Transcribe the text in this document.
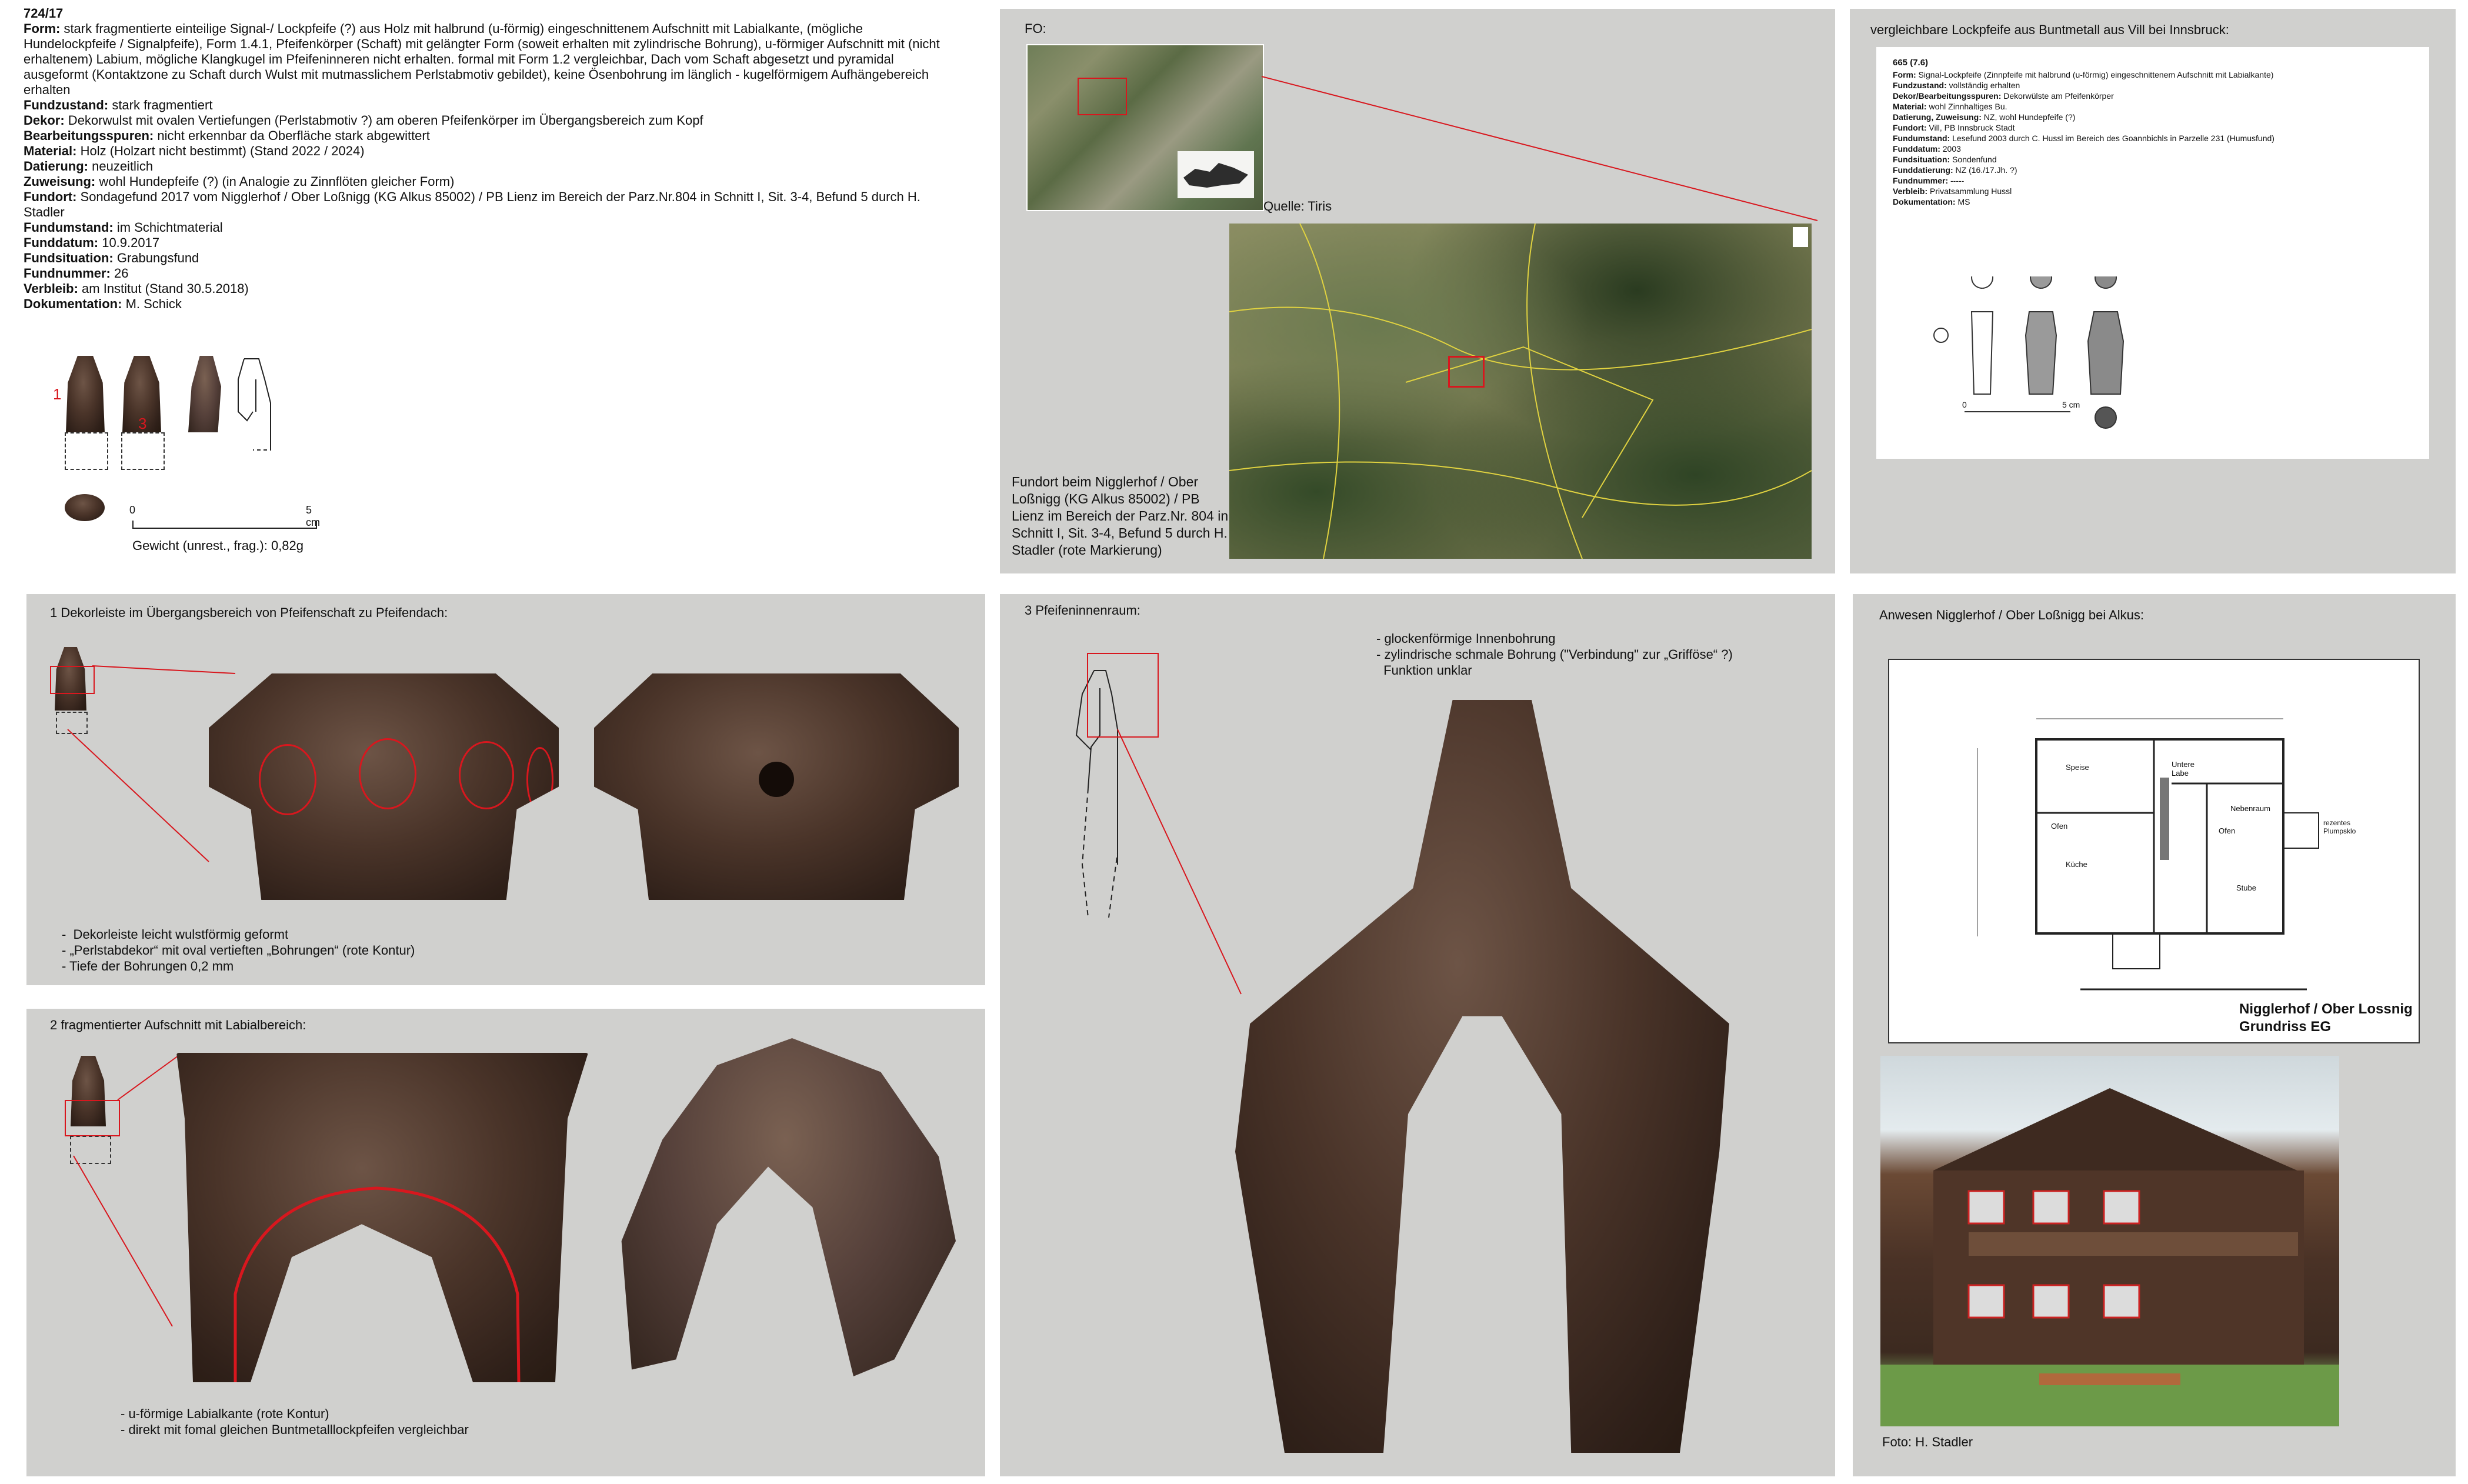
724/17
Form: stark fragmentierte einteilige Signal-/ Lockpfeife (?) aus Holz mit halbrund (u-förmig) eingeschnittenem Aufschnitt mit Labialkante, (mögliche Hundelockpfeife / Signalpfeife), Form 1.4.1, Pfeifenkörper (Schaft) mit gelängter Form (soweit erhalten mit zylindrische Bohrung), u-förmiger Aufschnitt mit (nicht erhaltenem) Labium, mögliche Klangkugel im Pfeifeninneren nicht erhalten. formal mit Form 1.2 vergleichbar, Dach vom Schaft abgesetzt und pyramidal ausgeformt (Kontaktzone zu Schaft durch Wulst mit mutmasslichem Perlstabmotiv gebildet), keine Ösenbohrung im länglich - kugelförmigem Aufhängebereich erhalten
Fundzustand: stark fragmentiert
Dekor: Dekorwulst mit ovalen Vertiefungen (Perlstabmotiv ?) am oberen Pfeifenkörper im Übergangsbereich zum Kopf
Bearbeitungsspuren: nicht erkennbar da Oberfläche stark abgewittert
Material: Holz (Holzart nicht bestimmt) (Stand 2022 / 2024)
Datierung: neuzeitlich
Zuweisung: wohl Hundepfeife (?) (in Analogie zu Zinnflöten gleicher Form)
Fundort: Sondagefund 2017 vom Nigglerhof / Ober Loßnigg (KG Alkus 85002) / PB Lienz im Bereich der Parz.Nr.804 in Schnitt I, Sit. 3-4, Befund 5 durch H. Stadler
Fundumstand: im Schichtmaterial
Funddatum: 10.9.2017
Fundsituation: Grabungsfund
Fundnummer: 26
Verbleib: am Institut (Stand 30.5.2018)
Dokumentation: M. Schick
1
3
0	5 cm
Gewicht (unrest., frag.): 0,82g
FO:
Quelle: Tiris
Fundort beim Nigglerhof / Ober Loßnigg (KG Alkus 85002) / PB Lienz im Bereich der Parz.Nr. 804 in Schnitt I, Sit. 3-4, Befund 5 durch H. Stadler (rote Markierung)
vergleichbare Lockpfeife aus Buntmetall aus Vill bei Innsbruck:
665 (7.6)
Form: Signal-Lockpfeife (Zinnpfeife mit halbrund (u-förmig) eingeschnittenem Aufschnitt mit Labialkante)
Fundzustand: vollständig erhalten
Dekor/Bearbeitungsspuren: Dekorwülste am Pfeifenkörper
Material: wohl Zinnhaltiges Bu.
Datierung, Zuweisung: NZ, wohl Hundepfeife (?)
Fundort: Vill, PB Innsbruck Stadt
Fundumstand: Lesefund 2003 durch C. Hussl im Bereich des Goannbichls in Parzelle 231 (Humusfund)
Funddatum: 2003
Fundsituation: Sondenfund
Funddatierung: NZ (16./17.Jh. ?)
Fundnummer: -----
Verbleib: Privatsammlung Hussl
Dokumentation: MS
0	5 cm
1 Dekorleiste im Übergangsbereich von Pfeifenschaft zu Pfeifendach:
-  Dekorleiste leicht wulstförmig geformt
- „Perlstabdekor“ mit oval vertieften „Bohrungen“ (rote Kontur)
- Tiefe der Bohrungen 0,2 mm
2 fragmentierter Aufschnitt mit Labialbereich:
- u-förmige Labialkante (rote Kontur)
- direkt mit fomal gleichen Buntmetalllockpfeifen vergleichbar
3 Pfeifeninnenraum:
- glockenförmige Innenbohrung
- zylindrische schmale Bohrung ("Verbindung" zur „Grifföse“ ?)
Funktion unklar
Anwesen Nigglerhof / Ober Loßnigg bei Alkus:
Speise	Untere Labe
Nebenraum
Ofen
Ofen
Küche
Stube
rezentes Plumpsklo
Nigglerhof / Ober Lossnig
Grundriss EG
Foto: H. Stadler
